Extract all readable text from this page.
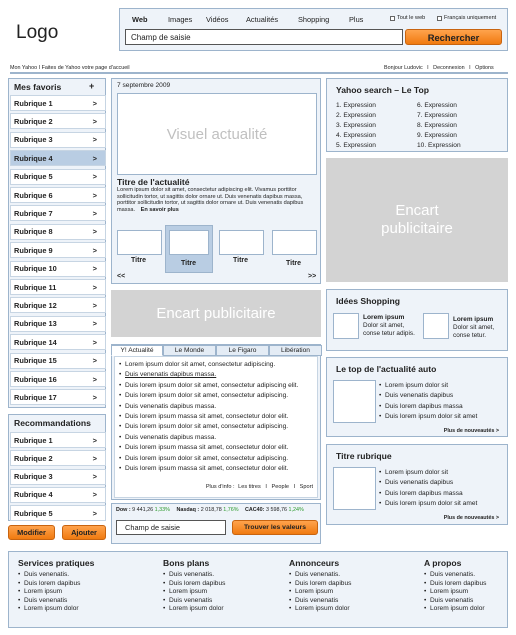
Logo
Web	Images Vidéos Actualités	Shopping	Plus	Tout le web	Français uniquement
Champ de saisie	Rechercher
Mon Yahoo I Faites de Yahoo votre page d'accueil	Bonjour Ludovic I Deconnexion I Options
Mes favoris	+
Rubrique 1	>
Rubrique 2	>
Rubrique 3	>
Rubrique 4	>
Rubrique 5	>
Rubrique 6	>
Rubrique 7	>
Rubrique 8	>
Rubrique 9	>
Rubrique 10	>
Rubrique 11	>
Rubrique 12	>
Rubrique 13	>
Rubrique 14	>
Rubrique 15	>
Rubrique 16	>
Rubrique 17	>
Recommandations
Rubrique 1	>
Rubrique 2	>
Rubrique 3	>
Rubrique 4	>
Rubrique 5	>
Modifier	Ajouter
7 septembre 2009
Visuel actualité
Titre de l'actualité
Lorem ipsum dolor sit amet, consectetur adipiscing elit. Vivamus porttitor sollicitudin tortor, ut sagittis dolor ornare ut. Duis venenatis dapibus massa, porttitor sollicitudin tortor, ut sagittis dolor ornare ut. Duis venenatis dapibus massa. En savoir plus
Titre	Titre	Titre	Titre
<<	>>
Encart publicitaire
Y! Actualité	Le Monde	Le Figaro	Libération
• Lorem ipsum dolor sit amet, consectetur adipiscing.
• Duis venenatis dapibus massa.
• Duis lorem ipsum dolor sit amet, consectetur adipiscing elit.
• Duis lorem ipsum dolor sit amet, consectetur adipiscing.
• Duis venenatis dapibus massa.
• Duis lorem ipsum massa sit amet, consectetur dolor elit.
• Duis lorem ipsum dolor sit amet, consectetur adipiscing.
• Duis venenatis dapibus massa.
• Duis lorem ipsum massa sit amet, consectetur dolor elit.
• Duis lorem ipsum dolor sit amet, consectetur adipiscing.
• Duis lorem ipsum massa sit amet, consectetur dolor elit.
Plus d'info : Les titres I People I Sport
Dow : 9 441,26 1,33% Nasdaq : 2 018,78 1,76% CAC40: 3 598,76 1,24%
Champ de saisie	Trouver les valeurs
Yahoo search – Le Top
1. Expression
2. Expression
3. Expression
4. Expression
5. Expression
6. Expression
7. Expression
8. Expression
9. Expression
10. Expression
Encart publicitaire
Idées Shopping
Lorem ipsum
Dolor sit amet, conse tetur adipis.
Lorem ipsum
Dolor sit amet, conse tetur.
Le top de l'actualité auto
• Lorem ipsum dolor sit
• Duis venenatis dapibus
• Duis lorem dapibus massa
• Duis lorem ipsum dolor sit amet
Plus de nouveautés >
Titre rubrique
• Lorem ipsum dolor sit
• Duis venenatis dapibus
• Duis lorem dapibus massa
• Duis lorem ipsum dolor sit amet
Plus de nouveautés >
Services pratiques
• Duis venenatis.
• Duis lorem dapibus
• Lorem ipsum
• Duis venenatis
• Lorem ipsum dolor
Bons plans
• Duis venenatis.
• Duis lorem dapibus
• Lorem ipsum
• Duis venenatis
• Lorem ipsum dolor
Annonceurs
• Duis venenatis.
• Duis lorem dapibus
• Lorem ipsum
• Duis venenatis
• Lorem ipsum dolor
A propos
• Duis venenatis.
• Duis lorem dapibus
• Lorem ipsum
• Duis venenatis
• Lorem ipsum dolor
